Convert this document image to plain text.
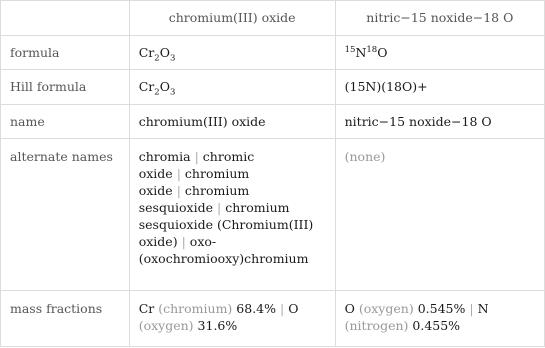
	chromium(III) oxide	nitric−15 noxide−18 O
formula	$Cr_2O_3$	$^{15}N^{18}O$
Hill formula	$Cr_2O_3$	(15N)(18O)+
name	chromium(III) oxide	nitric−15 noxide−18 O
alternate names	chromia | chromic oxide | chromium oxide | chromium sesquioxide | chromium sesquioxide (Chromium(III) oxide) | oxo-(oxochromiooxy)chromium	(none)
mass fractions	Cr (chromium) 68.4% | O (oxygen) 31.6%	O (oxygen) 0.545% | N (nitrogen) 0.455%
